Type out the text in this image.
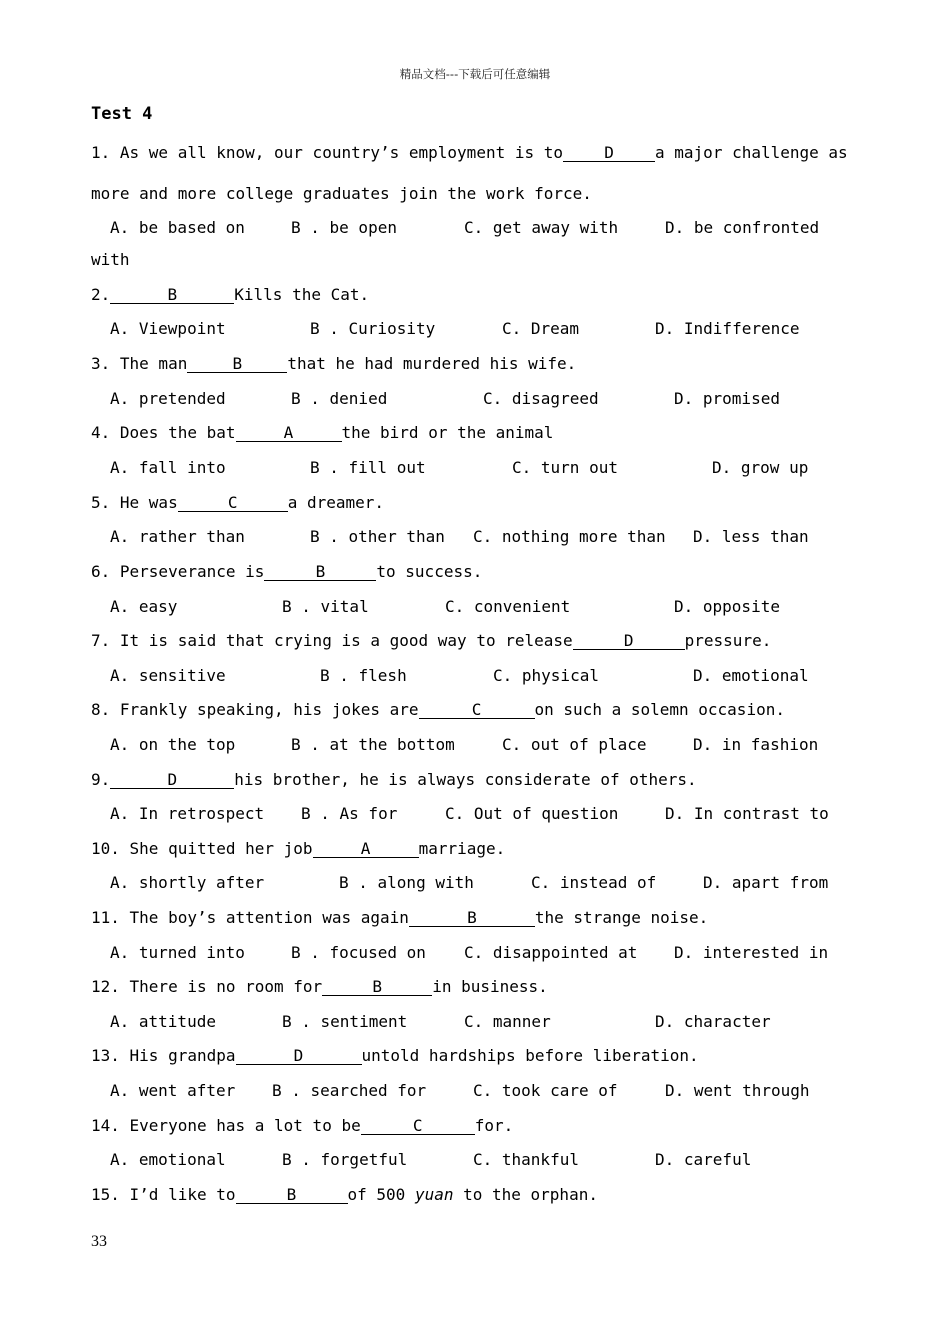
精品文档---下载后可任意编辑
Test 4
1. As we all know, our country’s employment is to	D	a major challenge as
more and more college graduates join the work force.

A. be based on

	B . be open

	C. get away with

	D. be confronted

with
2.	B	Kills the Cat.

A. Viewpoint

	B . Curiosity

	C. Dream

	D. Indifference

3. The man	B	that he had murdered his wife.

A. pretended

	B . denied

	C. disagreed

	D. promised

4. Does the bat	A	the bird or the animal

A. fall into

	B . fill out

	C. turn out

	D. grow up

5. He was	C	a dreamer.

A. rather than

	B . other than

C. nothing more than

D. less than

6. Perseverance is	B	to success.

A. easy

	B . vital

	C. convenient

	D. opposite

7. It is said that crying is a good way to release	D	pressure.

A. sensitive

	B . flesh

	C. physical

	D. emotional

8. Frankly speaking, his jokes are	C	on such a solemn occasion.

A. on the top

	B . at the bottom

	C. out of place

	D. in fashion

9.	D	his brother, he is always considerate of others.

A. In retrospect

B . As for

	C. Out of question

	D. In contrast to

10. She quitted her job	A	marriage.

A. shortly after

	B . along with

	C. instead of

	D. apart from

11. The boy’s attention was again	B	the strange noise.

A. turned into

	B . focused on

C. disappointed at

D. interested in

12. There is no room for	B	in business.

A. attitude

	B . sentiment

	C. manner

	D. character

13. His grandpa	D	untold hardships before liberation.

A. went after

B . searched for

	C. took care of

	D. went through

14. Everyone has a lot to be	C	for.

A. emotional

	B . forgetful

	C. thankful

	D. careful

15. I’d like to	B	of 500 yuan to the orphan.
33
